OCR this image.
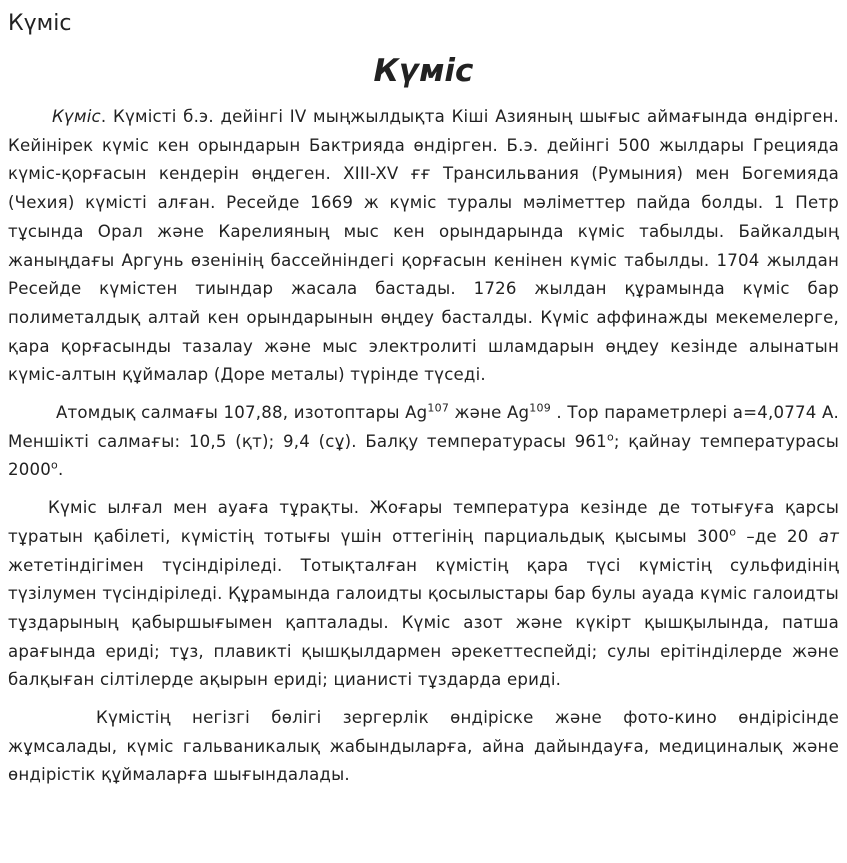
Күміс
Күміс

Күміс. Күмісті б.э. дейінгі IV мыңжылдықта Кіші Азияның шығыс аймағында өндірген. Кейінірек күміс кен орындарын Бактрияда өндірген. Б.э. дейінгі 500 жылдары Грецияда күміс-қорғасын кендерін өңдеген. XIII-XV ғғ Трансильвания (Румыния) мен Богемияда (Чехия) күмісті алған. Ресейде 1669 ж күміс туралы мәліметтер пайда болды. 1 Петр тұсында Орал және Карелияның мыс кен орындарында күміс табылды. Байкалдың жаныңдағы Аргунь өзенінің бассейніндегі қорғасын кенінен күміс табылды. 1704 жылдан Ресейде күмістен тиындар жасала бастады. 1726 жылдан құрамында күміс бар полиметалдық алтай кен орындарынын өңдеу басталды. Күміс аффинажды мекемелерге, қара қорғасынды тазалау және мыс электролиті шламдарын өңдеу кезінде алынатын күміс-алтын құймалар (Доре металы) түрінде түседі.

Атомдық салмағы 107,88, изотоптары Ag$^{107}$ және Ag$^{109}$ . Тор параметрлері а=4,0774 А. Меншікті салмағы: 10,5 (қт); 9,4 (сұ). Балқу температурасы $961^о$; қайнау температурасы $2000^о$.

Күміс ылғал мен ауаға тұрақты. Жоғары температура кезінде де тотығуға қарсы тұратын қабілеті, күмістің тотығы үшін оттегінің парциальдық қысымы $300^о$ –де 20 ат жететіндігімен түсіндіріледі. Тотықталған күмістің қара түсі күмістің сульфидінің түзілумен түсіндіріледі. Құрамында галоидты қосылыстары бар булы ауада күміс галоидты тұздарының қабыршығымен қапталады. Күміс азот және күкірт қышқылында, патша арағында ериді; тұз, плавикті қышқылдармен әрекеттеспейді; сулы ерітінділерде және балқыған сілтілерде ақырын ериді; цианисті тұздарда ериді.

Күмістің негізгі бөлігі зергерлік өндіріске және фото-кино өндірісінде жұмсалады, күміс гальваникалық жабындыларға, айна дайындауға, медициналық және өндірістік құймаларға шығындалады.
